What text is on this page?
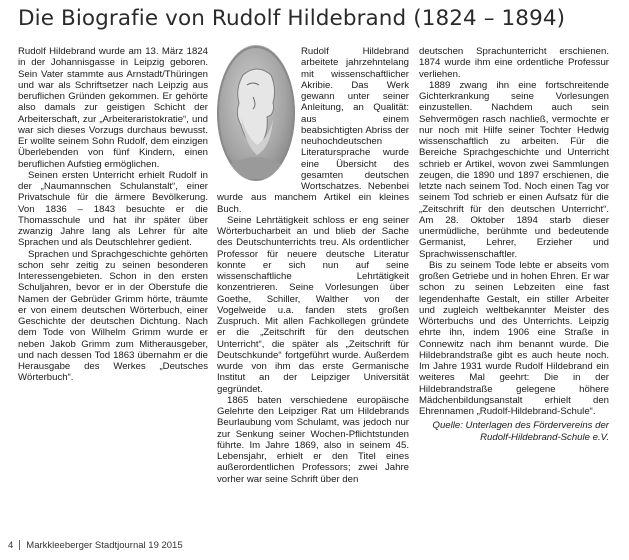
Die Biografie von Rudolf Hildebrand (1824 – 1894)

Rudolf Hildebrand wurde am 13. März 1824 in der Johannisgasse in Leipzig geboren. Sein Vater stammte aus Arnstadt/Thüringen und war als Schriftsetzer nach Leipzig aus beruflichen Gründen gekommen. Er gehörte also damals zur geistigen Schicht der Arbeiterschaft, zur „Arbeiteraristokratie“, und war sich dieses Vorzugs durchaus bewusst. Er wollte seinem Sohn Rudolf, dem einzigen Überlebenden von fünf Kindern, einen beruflichen Aufstieg ermöglichen.

Seinen ersten Unterricht erhielt Rudolf in der „Naumannschen Schulanstalt“, einer Privatschule für die ärmere Bevölkerung. Von 1836 – 1843 besuchte er die Thomasschule und hat ihr später über zwanzig Jahre lang als Lehrer für alte Sprachen und als Deutschlehrer gedient.

Sprachen und Sprachgeschichte gehörten schon sehr zeitig zu seinen besonderen Interessengebieten. Schon in den ersten Schuljahren, bevor er in der Oberstufe die Namen der Gebrüder Grimm hörte, träumte er von einem deutschen Wörterbuch, einer Geschichte der deutschen Dichtung. Nach dem Tode von Wilhelm Grimm wurde er neben Jakob Grimm zum Mitherausgeber, und nach dessen Tod 1863 übernahm er die Herausgabe des Werkes „Deutsches Wörterbuch“.

Rudolf Hildebrand arbeitete jahrzehntelang mit wissenschaftlicher Akribie. Das Werk gewann unter seiner Anleitung, an Qualität: aus einem beabsichtigten Abriss der neuhochdeutschen Literatursprache wurde eine Übersicht des gesamten deutschen Wortschatzes. Nebenbei wurde aus manchem Artikel ein kleines Buch.

Seine Lehrtätigkeit schloss er eng seiner Wörterbucharbeit an und blieb der Sache des Deutschunterrichts treu. Als ordentlicher Professor für neuere deutsche Literatur konnte er sich nun auf seine wissenschaftliche Lehrtätigkeit konzentrieren. Seine Vorlesungen über Goethe, Schiller, Walther von der Vogelweide u.a. fanden stets großen Zuspruch. Mit allen Fachkollegen gründete er die „Zeitschrift für den deutschen Unterricht“, die später als „Zeitschrift für Deutschkunde“ fortgeführt wurde. Außerdem wurde von ihm das erste Germanische Institut an der Leipziger Universität gegründet.

1865 baten verschiedene europäische Gelehrte den Leipziger Rat um Hildebrands Beurlaubung vom Schulamt, was jedoch nur zur Senkung seiner Wochen-Pflichtstunden führte. Im Jahre 1869, also in seinem 45. Lebensjahr, erhielt er den Titel eines außerordentlichen Professors; zwei Jahre vorher war seine Schrift über den

deutschen Sprachunterricht erschienen. 1874 wurde ihm eine ordentliche Professur verliehen.

1889 zwang ihn eine fortschreitende Gichterkrankung seine Vorlesungen einzustellen. Nachdem auch sein Sehvermögen rasch nachließ, vermochte er nur noch mit Hilfe seiner Tochter Hedwig wissenschaftlich zu arbeiten. Für die Bereiche Sprachgeschichte und Unterricht schrieb er Artikel, wovon zwei Sammlungen zeugen, die 1890 und 1897 erschienen, die letzte nach seinem Tod. Noch einen Tag vor seinem Tod schrieb er einen Aufsatz für die „Zeitschrift für den deutschen Unterricht“. Am 28. Oktober 1894 starb dieser unermüdliche, berühmte und bedeutende Germanist, Lehrer, Erzieher und Sprachwissenschaftler.

Bis zu seinem Tode lebte er abseits vom großen Getriebe und in hohen Ehren. Er war schon zu seinen Lebzeiten eine fast legendenhafte Gestalt, ein stiller Arbeiter und zugleich weltbekannter Meister des Wörterbuchs und des Unterrichts. Leipzig ehrte ihn, indem 1906 eine Straße in Connewitz nach ihm benannt wurde. Die Hildebrandstraße gibt es auch heute noch. Im Jahre 1931 wurde Rudolf Hildebrand ein weiteres Mal geehrt: Die in der Hildebrandstraße gelegene höhere Mädchenbildungsanstalt erhielt den Ehrennamen „Rudolf-Hildebrand-Schule“.

Quelle: Unterlagen des Fördervereins der Rudolf-Hildebrand-Schule e.V.

4 Markkleeberger Stadtjournal 19 2015
